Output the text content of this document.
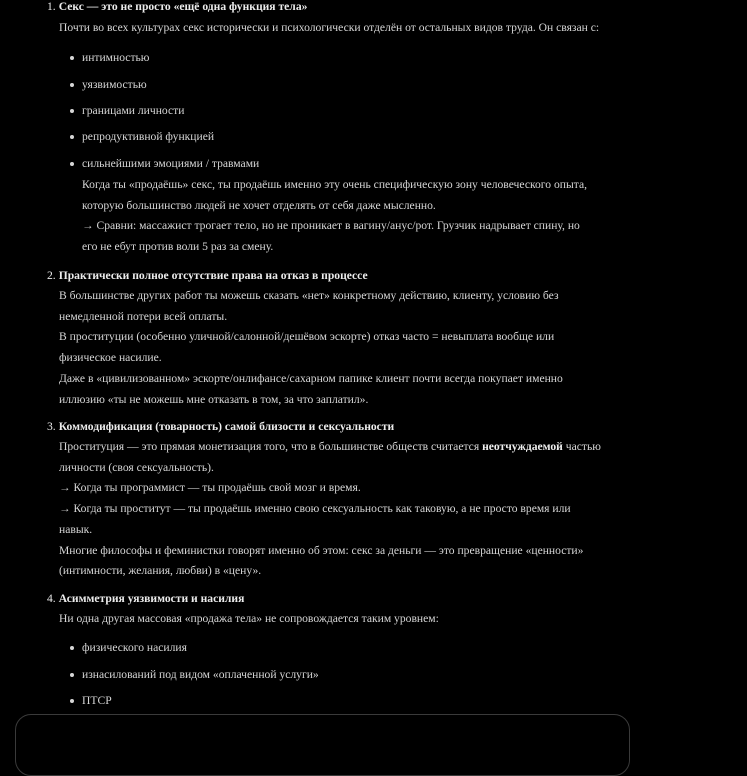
1. Секс — это не просто «ещё одна функция тела»
Почти во всех культурах секс исторически и психологически отделён от остальных видов труда. Он связан с:
интимностью
уязвимостью
границами личности
репродуктивной функцией
сильнейшими эмоциями / травмами
Когда ты «продаёшь» секс, ты продаёшь именно эту очень специфическую зону человеческого опыта,
которую большинство людей не хочет отделять от себя даже мысленно.
→ Сравни: массажист трогает тело, но не проникает в вагину/анус/рот. Грузчик надрывает спину, но
его не ебут против воли 5 раз за смену.
2. Практически полное отсутствие права на отказ в процессе
В большинстве других работ ты можешь сказать «нет» конкретному действию, клиенту, условию без
немедленной потери всей оплаты.
В проституции (особенно уличной/салонной/дешёвом эскорте) отказ часто = невыплата вообще или
физическое насилие.
Даже в «цивилизованном» эскорте/онлифансе/сахарном папике клиент почти всегда покупает именно
иллюзию «ты не можешь мне отказать в том, за что заплатил».
3. Коммодификация (товарность) самой близости и сексуальности
Проституция — это прямая монетизация того, что в большинстве обществ считается неотчуждаемой частью
личности (своя сексуальность).
→ Когда ты программист — ты продаёшь свой мозг и время.
→ Когда ты проститут — ты продаёшь именно свою сексуальность как таковую, а не просто время или
навык.
Многие философы и феминистки говорят именно об этом: секс за деньги — это превращение «ценности»
(интимности, желания, любви) в «цену».
4. Асимметрия уязвимости и насилия
Ни одна другая массовая «продажа тела» не сопровождается таким уровнем:
физического насилия
изнасилований под видом «оплаченной услуги»
ПТСР
